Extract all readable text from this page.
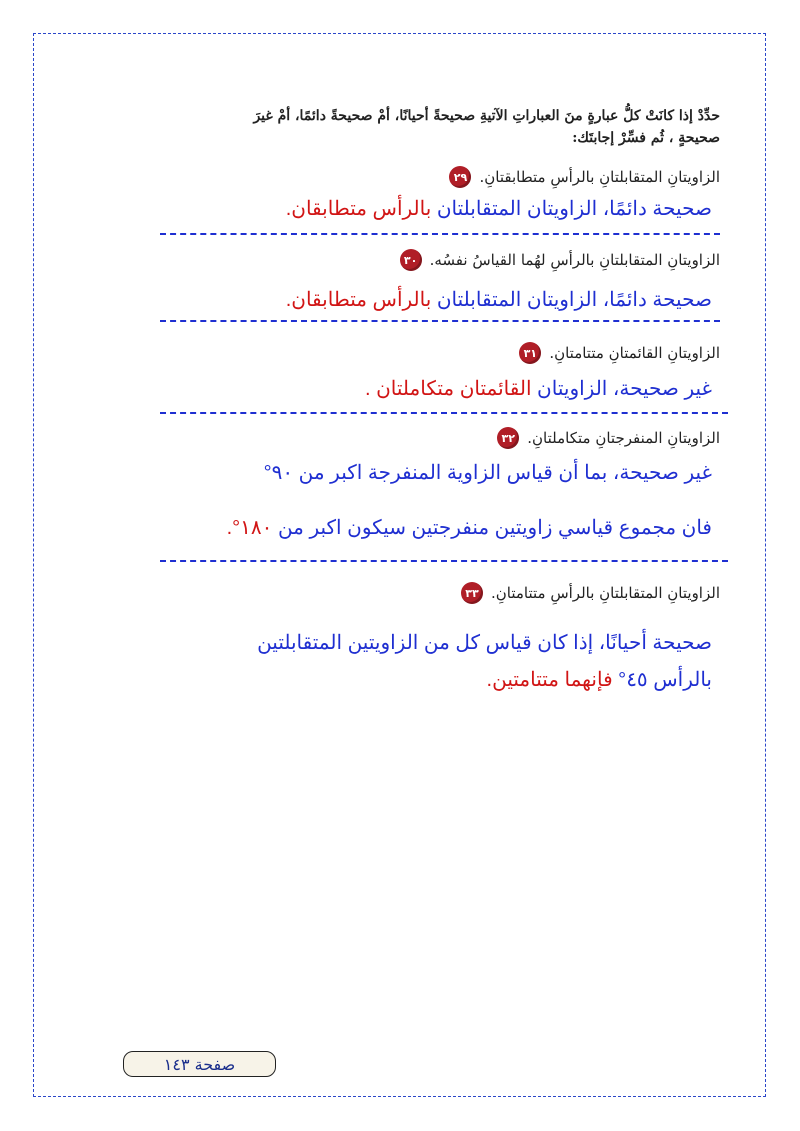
حدِّدْ إذا كانَتْ كلُّ عبارةٍ منَ العباراتِ الآتيةِ صحيحةً أحيانًا، أمْ صحيحةً دائمًا، أمْ غيرَ
صحيحةٍ ، ثُم فسِّرْ إجابتَك:
٢٩ الزاويتانِ المتقابلتانِ بالرأسِ متطابقتانِ.
صحيحة دائمًا، الزاويتان المتقابلتان بالرأس متطابقان.
٣٠ الزاويتانِ المتقابلتانِ بالرأسِ لهُما القياسُ نفسُه.
صحيحة دائمًا، الزاويتان المتقابلتان بالرأس متطابقان.
٣١ الزاويتانِ القائمتانِ متتامتانِ.
غير صحيحة، الزاويتان القائمتان متكاملتان .
٣٢ الزاويتانِ المنفرجتانِ متكاملتانِ.
غير صحيحة، بما أن قياس الزاوية المنفرجة اكبر من ٩٠°
فان مجموع قياسي زاويتين منفرجتين سيكون اكبر من ١٨٠°.
٣٣ الزاويتانِ المتقابلتانِ بالرأسِ متتامتانِ.
صحيحة أحيانًا، إذا كان قياس كل من الزاويتين المتقابلتين
بالرأس ٤٥° فإنهما متتامتين.
صفحة ١٤٣
